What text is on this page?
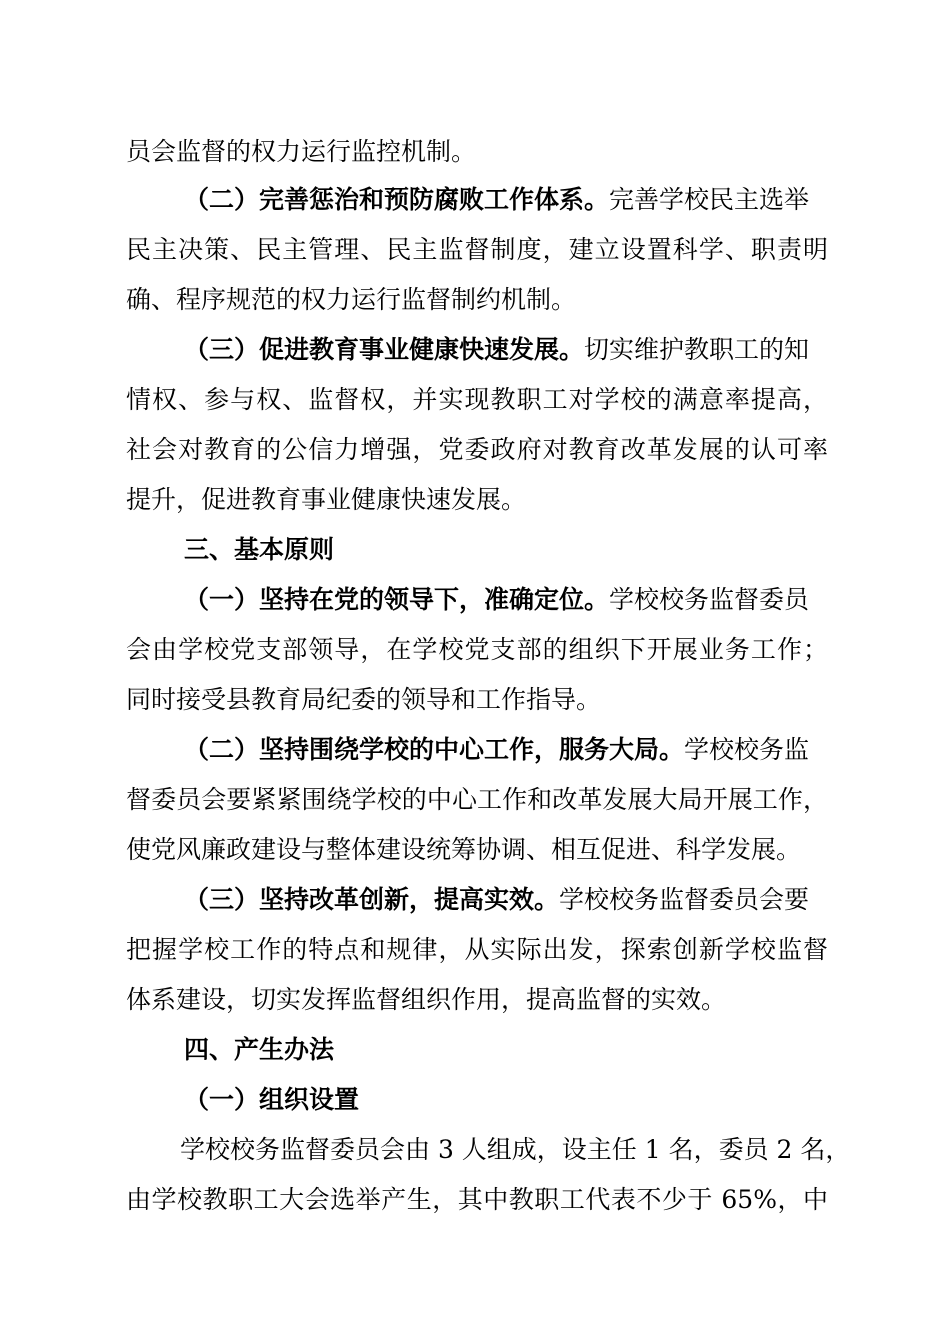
员会监督的权力运行监控机制。
（二）完善惩治和预防腐败工作体系。完善学校民主选举
民主决策、民主管理、民主监督制度，建立设置科学、职责明
确、程序规范的权力运行监督制约机制。
（三）促进教育事业健康快速发展。切实维护教职工的知
情权、参与权、监督权，并实现教职工对学校的满意率提高，
社会对教育的公信力增强，党委政府对教育改革发展的认可率
提升，促进教育事业健康快速发展。
三、基本原则
（一）坚持在党的领导下，准确定位。学校校务监督委员
会由学校党支部领导，在学校党支部的组织下开展业务工作；
同时接受县教育局纪委的领导和工作指导。
（二）坚持围绕学校的中心工作，服务大局。学校校务监
督委员会要紧紧围绕学校的中心工作和改革发展大局开展工作，
使党风廉政建设与整体建设统筹协调、相互促进、科学发展。
（三）坚持改革创新，提高实效。学校校务监督委员会要
把握学校工作的特点和规律，从实际出发，探索创新学校监督
体系建设，切实发挥监督组织作用，提高监督的实效。
四、产生办法
（一）组织设置
学校校务监督委员会由 3 人组成，设主任 1 名，委员 2 名，
由学校教职工大会选举产生，其中教职工代表不少于 65%，中
